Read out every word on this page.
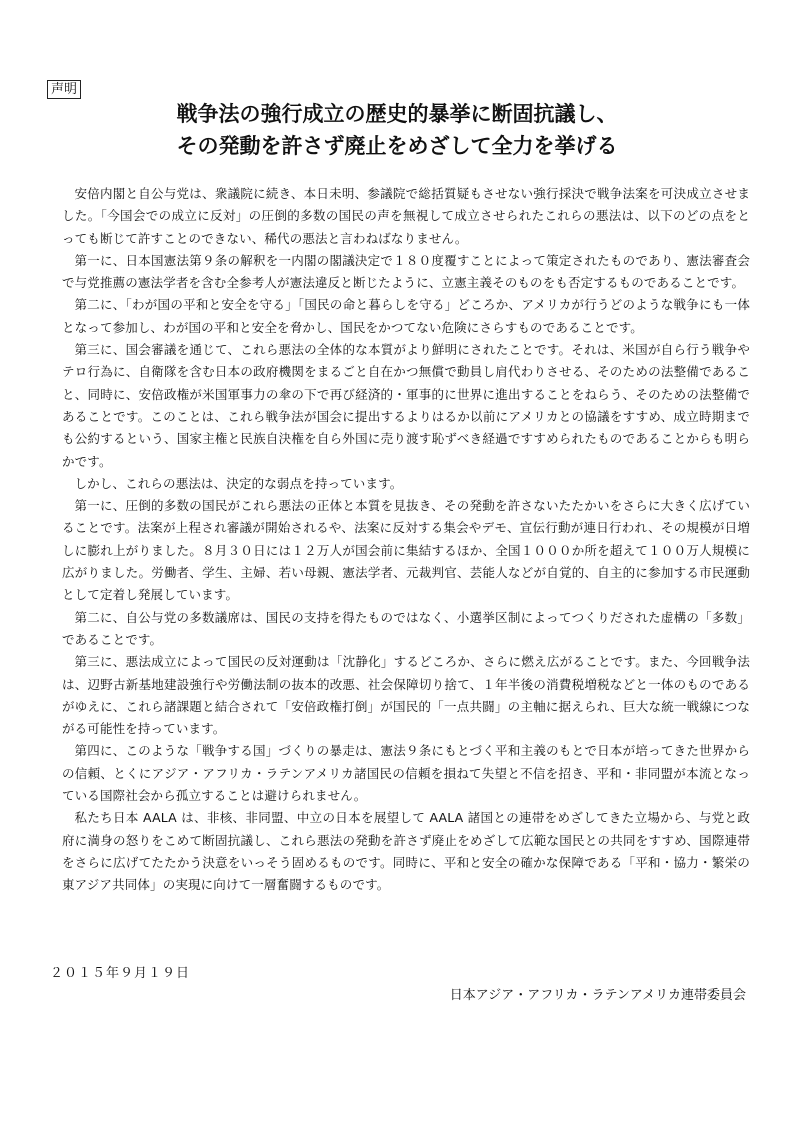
声明
戦争法の強行成立の歴史的暴挙に断固抗議し、
その発動を許さず廃止をめざして全力を挙げる

安倍内閣と自公与党は、衆議院に続き、本日未明、参議院で総括質疑もさせない強行採決で戦争法案を可決成立させました。「今国会での成立に反対」の圧倒的多数の国民の声を無視して成立させられたこれらの悪法は、以下のどの点をとっても断じて許すことのできない、稀代の悪法と言わねばなりません。

第一に、日本国憲法第９条の解釈を一内閣の閣議決定で１８０度覆すことによって策定されたものであり、憲法審査会で与党推薦の憲法学者を含む全参考人が憲法違反と断じたように、立憲主義そのものをも否定するものであることです。

第二に、「わが国の平和と安全を守る」「国民の命と暮らしを守る」どころか、アメリカが行うどのような戦争にも一体となって参加し、わが国の平和と安全を脅かし、国民をかつてない危険にさらすものであることです。

第三に、国会審議を通じて、これら悪法の全体的な本質がより鮮明にされたことです。それは、米国が自ら行う戦争やテロ行為に、自衛隊を含む日本の政府機関をまるごと自在かつ無償で動員し肩代わりさせる、そのための法整備であること、同時に、安倍政権が米国軍事力の傘の下で再び経済的・軍事的に世界に進出することをねらう、そのための法整備であることです。このことは、これら戦争法が国会に提出するよりはるか以前にアメリカとの協議をすすめ、成立時期までも公約するという、国家主権と民族自決権を自ら外国に売り渡す恥ずべき経過ですすめられたものであることからも明らかです。

しかし、これらの悪法は、決定的な弱点を持っています。

第一に、圧倒的多数の国民がこれら悪法の正体と本質を見抜き、その発動を許さないたたかいをさらに大きく広げていることです。法案が上程され審議が開始されるや、法案に反対する集会やデモ、宣伝行動が連日行われ、その規模が日増しに膨れ上がりました。８月３０日には１２万人が国会前に集結するほか、全国１０００か所を超えて１００万人規模に広がりました。労働者、学生、主婦、若い母親、憲法学者、元裁判官、芸能人などが自覚的、自主的に参加する市民運動として定着し発展しています。

第二に、自公与党の多数議席は、国民の支持を得たものではなく、小選挙区制によってつくりだされた虚構の「多数」であることです。

第三に、悪法成立によって国民の反対運動は「沈静化」するどころか、さらに燃え広がることです。また、今回戦争法は、辺野古新基地建設強行や労働法制の抜本的改悪、社会保障切り捨て、１年半後の消費税増税などと一体のものであるがゆえに、これら諸課題と結合されて「安倍政権打倒」が国民的「一点共闘」の主軸に据えられ、巨大な統一戦線につながる可能性を持っています。

第四に、このような「戦争する国」づくりの暴走は、憲法９条にもとづく平和主義のもとで日本が培ってきた世界からの信頼、とくにアジア・アフリカ・ラテンアメリカ諸国民の信頼を損ねて失望と不信を招き、平和・非同盟が本流となっている国際社会から孤立することは避けられません。

私たち日本 AALA は、非核、非同盟、中立の日本を展望して AALA 諸国との連帯をめざしてきた立場から、与党と政府に満身の怒りをこめて断固抗議し、これら悪法の発動を許さず廃止をめざして広範な国民との共同をすすめ、国際連帯をさらに広げてたたかう決意をいっそう固めるものです。同時に、平和と安全の確かな保障である「平和・協力・繁栄の東アジア共同体」の実現に向けて一層奮闘するものです。

２０１５年９月１９日
日本アジア・アフリカ・ラテンアメリカ連帯委員会
